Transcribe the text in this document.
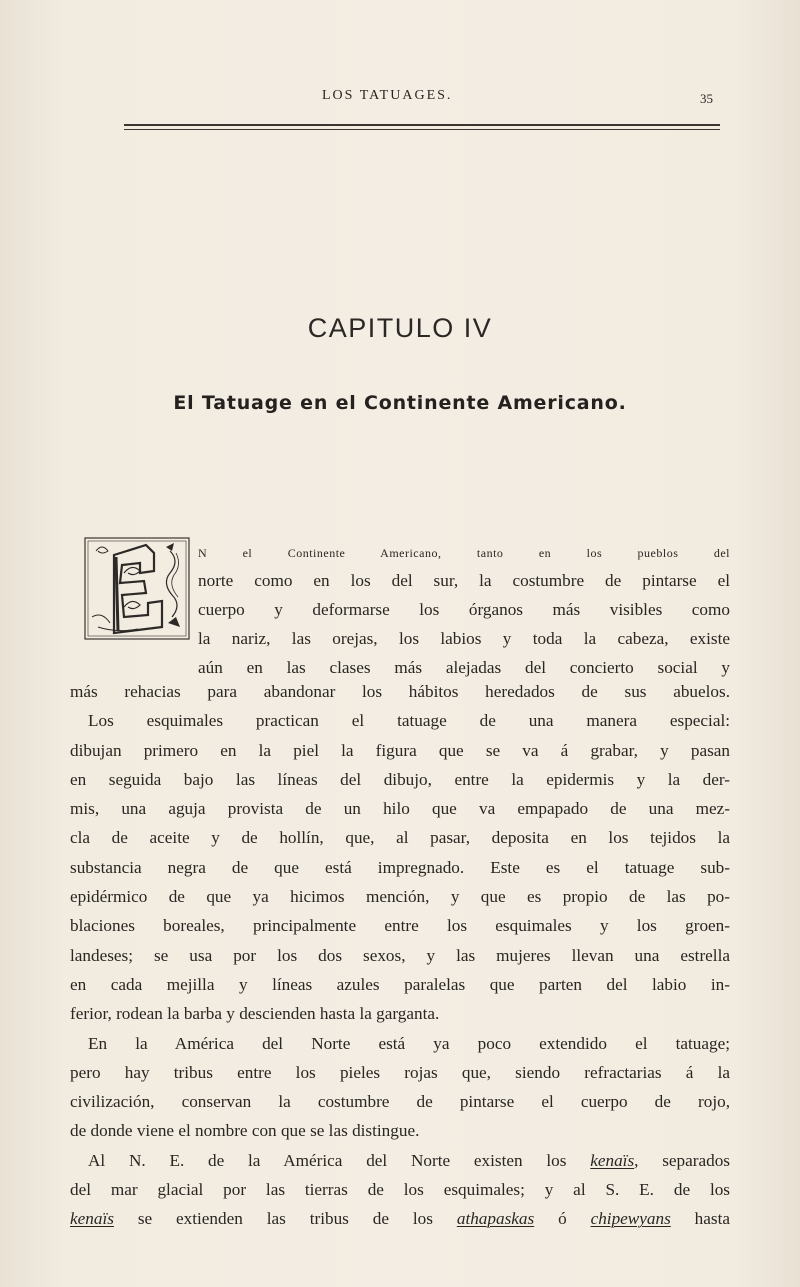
LOS TATUAGES.	35
CAPITULO IV
El Tatuage en el Continente Americano.
N el Continente Americano, tanto en los pueblos del
norte como en los del sur, la costumbre de pintarse el
cuerpo y deformarse los órganos más visibles como
la nariz, las orejas, los labios y toda la cabeza, existe
aún en las clases más alejadas del concierto social y
más rehacias para abandonar los hábitos heredados de sus abuelos.
Los esquimales practican el tatuage de una manera especial:
dibujan primero en la piel la figura que se va á grabar, y pasan
en seguida bajo las líneas del dibujo, entre la epidermis y la der-
mis, una aguja provista de un hilo que va empapado de una mez-
cla de aceite y de hollín, que, al pasar, deposita en los tejidos la
substancia negra de que está impregnado. Este es el tatuage sub-
epidérmico de que ya hicimos mención, y que es propio de las po-
blaciones boreales, principalmente entre los esquimales y los groen-
landeses; se usa por los dos sexos, y las mujeres llevan una estrella
en cada mejilla y líneas azules paralelas que parten del labio in-
ferior, rodean la barba y descienden hasta la garganta.
En la América del Norte está ya poco extendido el tatuage;
pero hay tribus entre los pieles rojas que, siendo refractarias á la
civilización, conservan la costumbre de pintarse el cuerpo de rojo,
de donde viene el nombre con que se las distingue.
Al N. E. de la América del Norte existen los kenaïs, separados
del mar glacial por las tierras de los esquimales; y al S. E. de los
kenaïs se extienden las tribus de los athapaskas ó chipewyans hasta
